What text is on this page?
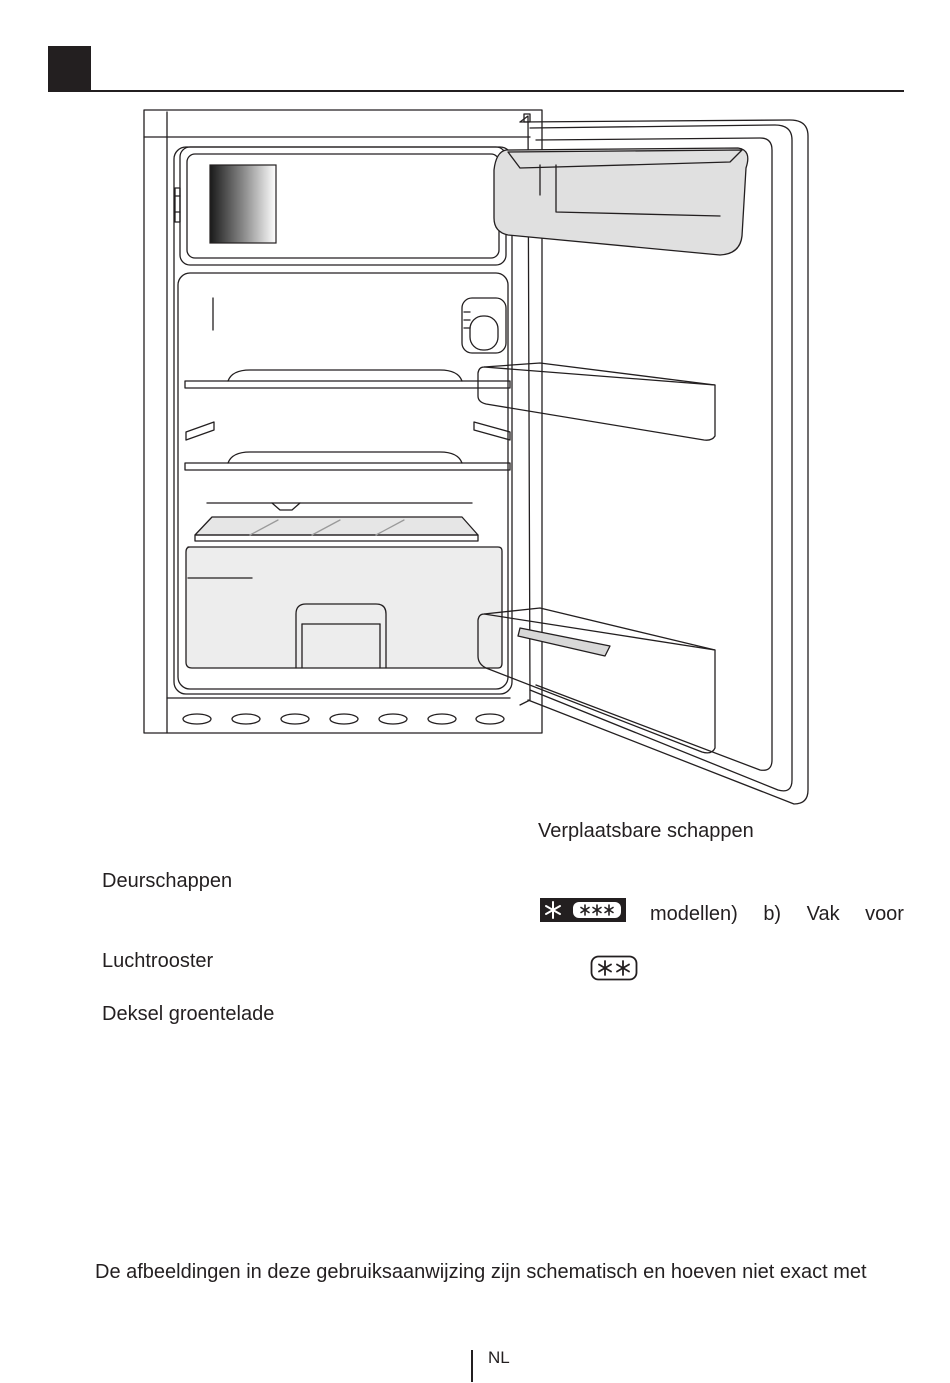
Deurschappen
Luchtrooster
Deksel groentelade
Verplaatsbare schappen
modellen) b) Vak voor
De afbeeldingen in deze gebruiksaanwijzing zijn schematisch en hoeven niet exact met
NL
